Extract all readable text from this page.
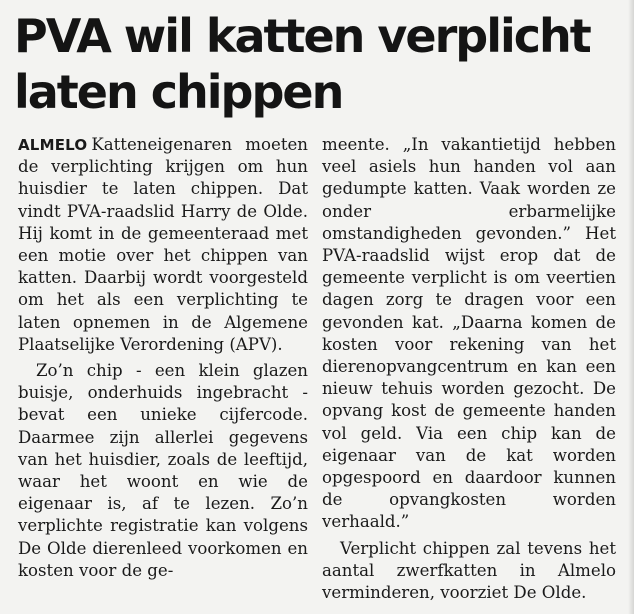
PVA wil katten verplicht
laten chippen

ALMELO Katteneigenaren moeten de verplichting krijgen om hun huisdier te laten chippen. Dat vindt PVA-raadslid Harry de Olde. Hij komt in de gemeenteraad met een motie over het chippen van katten. Daarbij wordt voorgesteld om het als een verplichting te laten opnemen in de Algemene Plaatselijke Verordening (APV).

Zo’n chip - een klein glazen buisje, onderhuids ingebracht - bevat een unieke cijfercode. Daarmee zijn allerlei gegevens van het huisdier, zoals de leeftijd, waar het woont en wie de eigenaar is, af te lezen. Zo’n verplichte registratie kan volgens De Olde dierenleed voorkomen en kosten voor de ge-

meente. „In vakantietijd hebben veel asiels hun handen vol aan gedumpte katten. Vaak worden ze onder erbarmelijke omstandigheden gevonden.” Het PVA-raadslid wijst erop dat de gemeente verplicht is om veertien dagen zorg te dragen voor een gevonden kat. „Daarna komen de kosten voor rekening van het dierenopvangcentrum en kan een nieuw tehuis worden gezocht. De opvang kost de gemeente handen vol geld. Via een chip kan de eigenaar van de kat worden opgespoord en daardoor kunnen de opvangkosten worden verhaald.”

Verplicht chippen zal tevens het aantal zwerfkatten in Almelo verminderen, voorziet De Olde.
